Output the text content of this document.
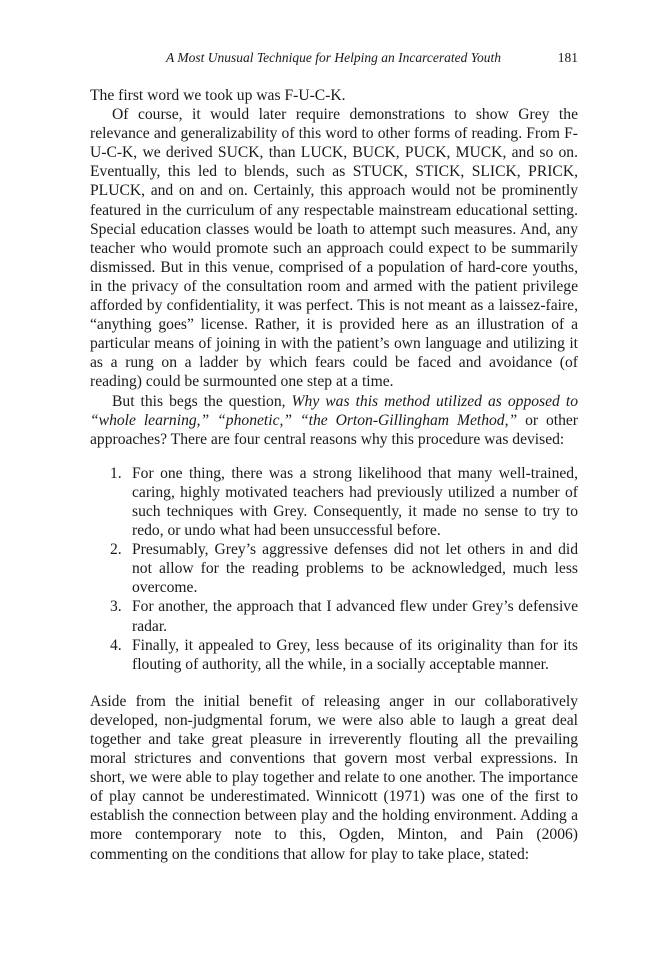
A Most Unusual Technique for Helping an Incarcerated Youth	181

The first word we took up was F-U-C-K.

Of course, it would later require demonstrations to show Grey the relevance and generalizability of this word to other forms of reading. From F-U-C-K, we derived SUCK, than LUCK, BUCK, PUCK, MUCK, and so on. Eventually, this led to blends, such as STUCK, STICK, SLICK, PRICK, PLUCK, and on and on. Certainly, this approach would not be prominently featured in the curriculum of any respectable mainstream educational setting. Special education classes would be loath to attempt such measures. And, any teacher who would promote such an approach could expect to be summarily dismissed. But in this venue, comprised of a population of hard-core youths, in the privacy of the consultation room and armed with the patient privilege afforded by confidentiality, it was perfect. This is not meant as a laissez-faire, “anything goes” license. Rather, it is provided here as an illustration of a particular means of joining in with the patient’s own language and utilizing it as a rung on a ladder by which fears could be faced and avoidance (of reading) could be surmounted one step at a time.

But this begs the question, Why was this method utilized as opposed to “whole learning,” “phonetic,” “the Orton-Gillingham Method,” or other approaches? There are four central reasons why this procedure was devised:

1. For one thing, there was a strong likelihood that many well-trained, caring, highly motivated teachers had previously utilized a number of such techniques with Grey. Consequently, it made no sense to try to redo, or undo what had been unsuccessful before.
2. Presumably, Grey’s aggressive defenses did not let others in and did not allow for the reading problems to be acknowledged, much less overcome.
3. For another, the approach that I advanced flew under Grey’s defensive radar.
4. Finally, it appealed to Grey, less because of its originality than for its flouting of authority, all the while, in a socially acceptable manner.

Aside from the initial benefit of releasing anger in our collaboratively developed, non-judgmental forum, we were also able to laugh a great deal together and take great pleasure in irreverently flouting all the prevailing moral strictures and conventions that govern most verbal expressions. In short, we were able to play together and relate to one another. The importance of play cannot be underestimated. Winnicott (1971) was one of the first to establish the connection between play and the holding environment. Adding a more contemporary note to this, Ogden, Minton, and Pain (2006) commenting on the conditions that allow for play to take place, stated:
